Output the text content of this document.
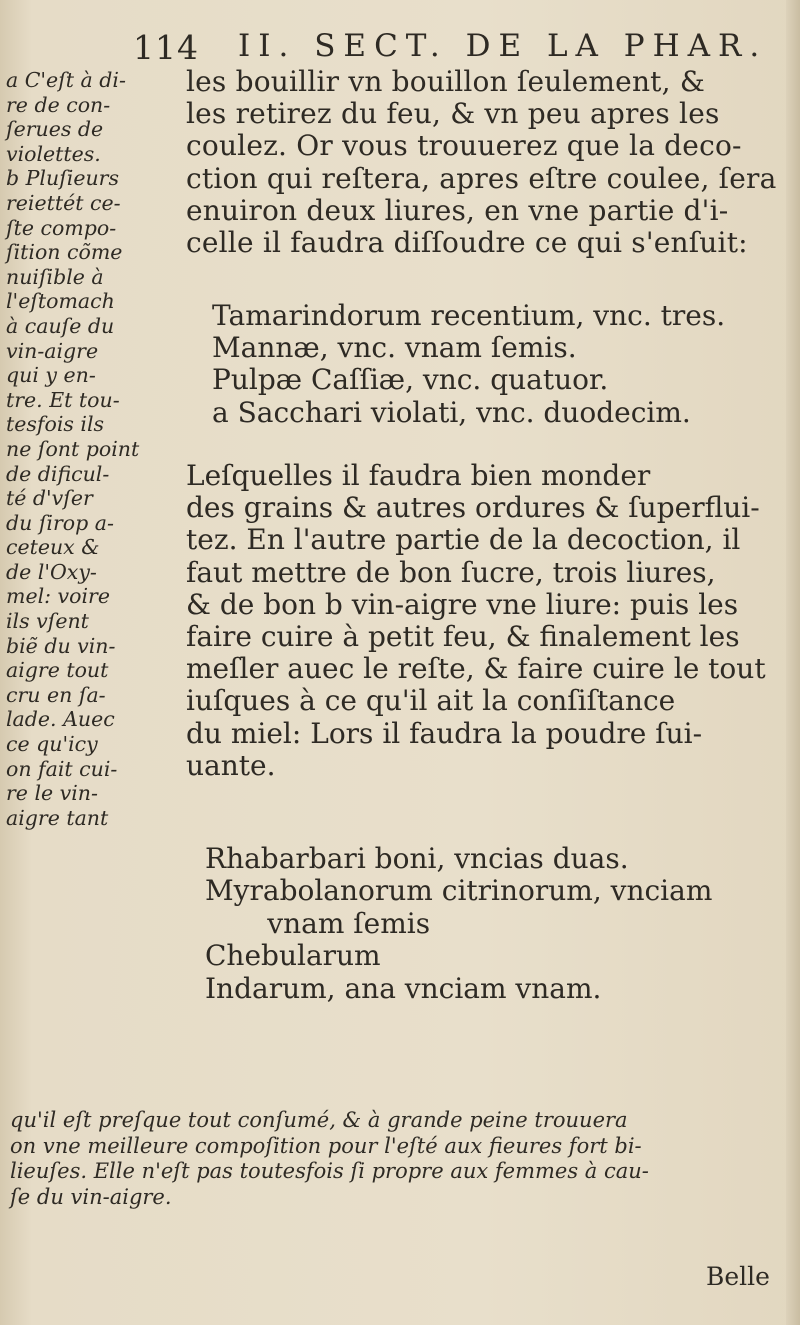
114 II. SECT. DE LA PHAR.
a C'eſt à di-
re de con-
ſerues de
violettes.
b Pluſieurs
reiettét ce-
ſte compo-
ſition cõme
nuiſible à
l'eſtomach
à cauſe du
vin-aigre
qui y en-
tre. Et tou-
tesfois ils
ne ſont point
de dificul-
té d'vſer
du ſirop a-
ceteux &
de l'Oxy-
mel: voire
ils vſent
biẽ du vin-
aigre tout
cru en ſa-
lade. Auec
ce qu'icy
on fait cui-
re le vin-
aigre tant
les bouillir vn bouillon ſeulement, &
les retirez du feu, & vn peu apres les
coulez. Or vous trouuerez que la deco-
ction qui reſtera, apres eſtre coulee, ſera
enuiron deux liures, en vne partie d'i-
celle il faudra diſſoudre ce qui s'enſuit:
Tamarindorum recentium, vnc. tres.
Mannæ, vnc. vnam ſemis.
Pulpæ Caſſiæ, vnc. quatuor.
a Sacchari violati, vnc. duodecim.
Leſquelles il faudra bien monder
des grains & autres ordures & ſuperflui-
tez. En l'autre partie de la decoction, il
faut mettre de bon ſucre, trois liures,
& de bon b vin-aigre vne liure: puis les
faire cuire à petit feu, & finalement les
meſler auec le reſte, & faire cuire le tout
iuſques à ce qu'il ait la conſiſtance
du miel: Lors il faudra la poudre ſui-
uante.
Rhabarbari boni, vncias duas.
Myrabolanorum citrinorum, vnciam
vnam ſemis
Chebularum
Indarum, ana vnciam vnam.
qu'il eſt preſque tout conſumé, & à grande peine trouuera
on vne meilleure compoſition pour l'eſté aux fieures fort bi-
lieuſes. Elle n'eſt pas toutesfois ſi propre aux femmes à cau-
ſe du vin-aigre.
Belle
